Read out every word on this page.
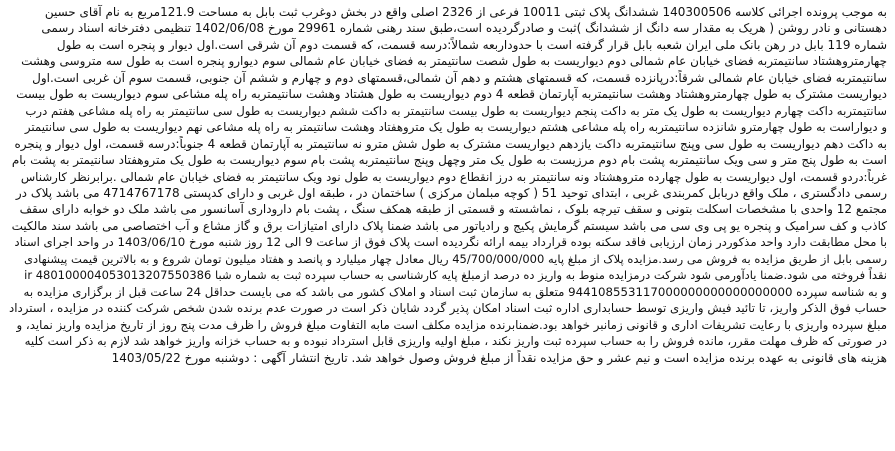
به موجب پرونده اجرائی کلاسه 140300506 ششدانگ پلاک ثبتی 10011 فرعی از 2326 اصلی واقع در بخش دوغرب ثبت بابل به مساحت 121.9مربع به نام آقای حسین
دهستانی و نادر روشن ( هریک به مقدار سه دانگ از ششدانگ )ثبت و صادرگردیده است،طبق سند رهنی شماره 29961 مورخ 1402/06/08 تنظیمی دفترخانه اسناد رسمی
شماره 119 بابل در رهن بانک ملی ایران شعبه بابل قرار گرفته است با حدوداربعه شمالاً:درسه قسمت، که قسمت دوم آن شرقی است.اول دیوار و پنجره است به طول
چهارمتروهشتاد سانتیمتربه فضای خیابان عام شمالی دوم دیواریست به طول شصت سانتیمتر به فضای خیابان عام شمالی سوم دیوارو پنجره است به طول سه متروسی وهشت
سانتیمتربه فضای خیابان عام شمالی شرقاً:درپانزده قسمت، که قسمتهای هشتم و دهم آن شمالی،قسمتهای دوم و چهارم و ششم آن جنوبی، قسمت سوم آن غربی است.اول
دیواریست مشترک به طول چهارمتروهشتاد وهشت سانتیمتربه آپارتمان قطعه 4 دوم دیواریست به طول هشتاد وهشت سانتیمتربه راه پله مشاعی سوم دیواریست به طول بیست
سانتیمتربه داکت چهارم دیواریست به طول یک متر به داکت پنجم دیواریست به طول بیست سانتیمتر به داکت ششم دیواریست به طول سی سانتیمتر به راه پله مشاعی هفتم درب
و دیواراست به طول چهارمترو شانزده سانتیمتربه راه پله مشاعی هشتم دیواریست به طول یک متروهفتاد وهشت سانتیمتر به راه پله مشاعی نهم دیواریست به طول سی سانتیمتر
به داکت دهم دیواریست به طول سی وپنج سانتیمتربه داکت یازدهم دیواریست مشترک به طول شش مترو نه سانتیمتر به آپارتمان قطعه 4 جنوباً:درسه قسمت، اول دیوار و پنجره
است به طول پنج متر و سی ویک سانتیمتربه پشت بام دوم مرزیست به طول یک متر وچهل وپنج سانتیمتربه پشت بام سوم دیواریست به طول یک متروهفتاد سانتیمتر به پشت بام
غرباً:دردو قسمت، اول دیواریست به طول چهارده متروهشتاد ونه سانتیمتر به درز انقطاع دوم دیواریست به طول نود ویک سانتیمتر به فضای خیابان عام شمالی .برابرنظر کارشناس
رسمی دادگستری ، ملک واقع دربابل کمربندی غربی ، ابتدای توحید 51 ( کوچه مبلمان مرکزی ) ساختمان در ، طبقه اول غربی و دارای کدپستی 4714767178 می باشد پلاک در
مجتمع 12 واحدی با مشخصات اسکلت بتونی و سقف تیرچه بلوک ، نماشسته و قسمتی از طبقه همکف سنگ ، پشت بام داروداری آسانسور می باشد ملک دو خوابه دارای سقف
کاذب و کف سرامیک و پنجره یو پی وی سی می باشد سیستم گرمایش پکیج و رادیاتور می باشد ضمنا پلاک دارای امتیازات برق و گاز مشاع و آب اختصاصی می باشد سند مالکیت
با محل مطابقت دارد واحد مذکوردر زمان ارزیابی فاقد سکنه بوده قرارداد بیمه ارائه نگردیده است پلاک فوق از ساعت 9 الی 12 روز شنبه مورخ 1403/06/10 در واحد اجرای اسناد
رسمی بابل از طریق مزایده به فروش می رسد.مزایده پلاک از مبلغ پایه 45/700/000/000 ریال معادل چهار میلیارد و پانصد و هفتاد میلیون تومان شروع و به بالاترین قیمت پیشنهادی
نقداً فروخته می شود.ضمنا یادآورمی شود شرکت درمزایده منوط به واریز ده درصد ازمبلغ پایه کارشناسی به حساب سپرده ثبت به شماره شبا ir 480100004053013207550386
و به شناسه سپرده 944108553117000000000000000000 متعلق به سازمان ثبت اسناد و املاک کشور می باشد که می بایست حداقل 24 ساعت قبل از برگزاری مزایده به
حساب فوق الذکر واریز، تا تائید فیش واریزی توسط حسابداری اداره ثبت اسناد امکان پذیر گردد شایان ذکر است در صورت عدم برنده شدن شخص شرکت کننده در مزایده ، استرداد
مبلغ سپرده واریزی با رعایت تشریفات اداری و قانونی زمانبر خواهد بود.ضمنابرنده مزایده مکلف است مابه التفاوت مبلغ فروش را ظرف مدت پنج روز از تاریخ مزایده واریز نماید، و
در صورتی که ظرف مهلت مقرر، مانده فروش را به حساب سپرده ثبت واریز نکند ، مبلغ اولیه واریزی قابل استرداد نبوده و به حساب خزانه واریز خواهد شد لازم به ذکر است کلیه
هزینه های قانونی به عهده برنده مزایده است و نیم عشر و حق مزایده نقداً از مبلغ فروش وصول خواهد شد. تاریخ انتشار آگهی : دوشنبه مورخ 1403/05/22
